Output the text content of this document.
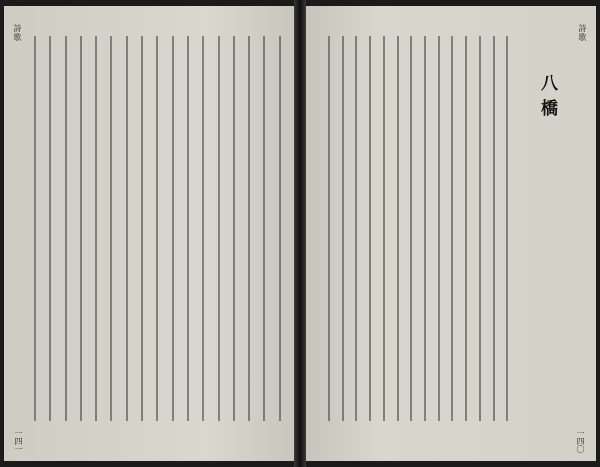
詩歌
一四一
詩歌
八橋
一四〇
